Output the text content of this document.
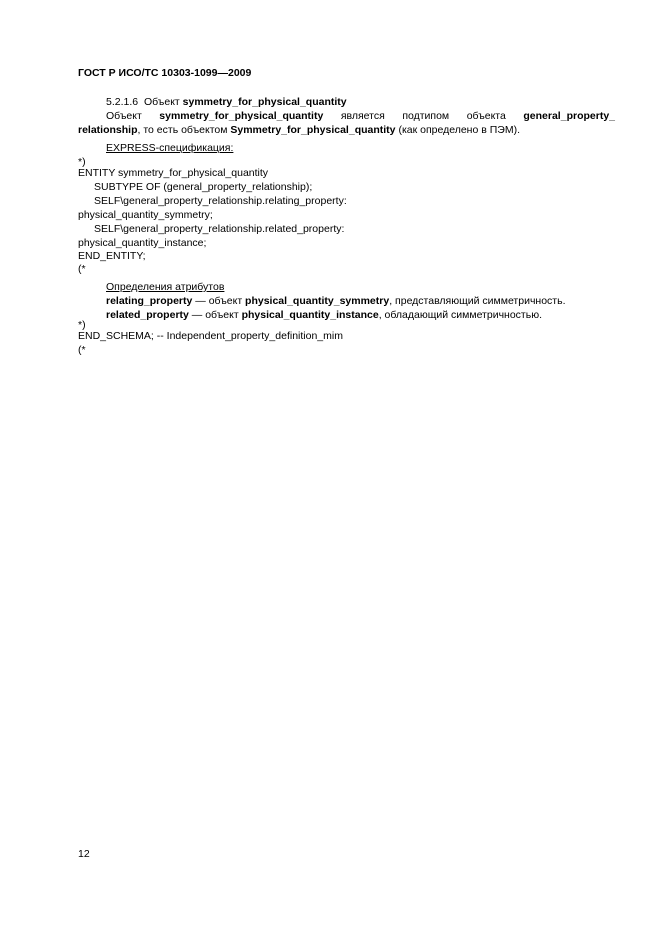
ГОСТ Р ИСО/ТС 10303-1099—2009
5.2.1.6 Объект symmetry_for_physical_quantity
Объект symmetry_for_physical_quantity является подтипом объекта general_property_
relationship, то есть объектом Symmetry_for_physical_quantity (как определено в ПЭМ).
EXPRESS-спецификация:
*)
ENTITY symmetry_for_physical_quantity
SUBTYPE OF (general_property_relationship);
SELF\general_property_relationship.relating_property:
physical_quantity_symmetry;
SELF\general_property_relationship.related_property:
physical_quantity_instance;
END_ENTITY;
(*
Определения атрибутов
relating_property — объект physical_quantity_symmetry, представляющий симметричность.
related_property — объект physical_quantity_instance, обладающий симметричностью.
*)
END_SCHEMA; -- Independent_property_definition_mim
(*
12
